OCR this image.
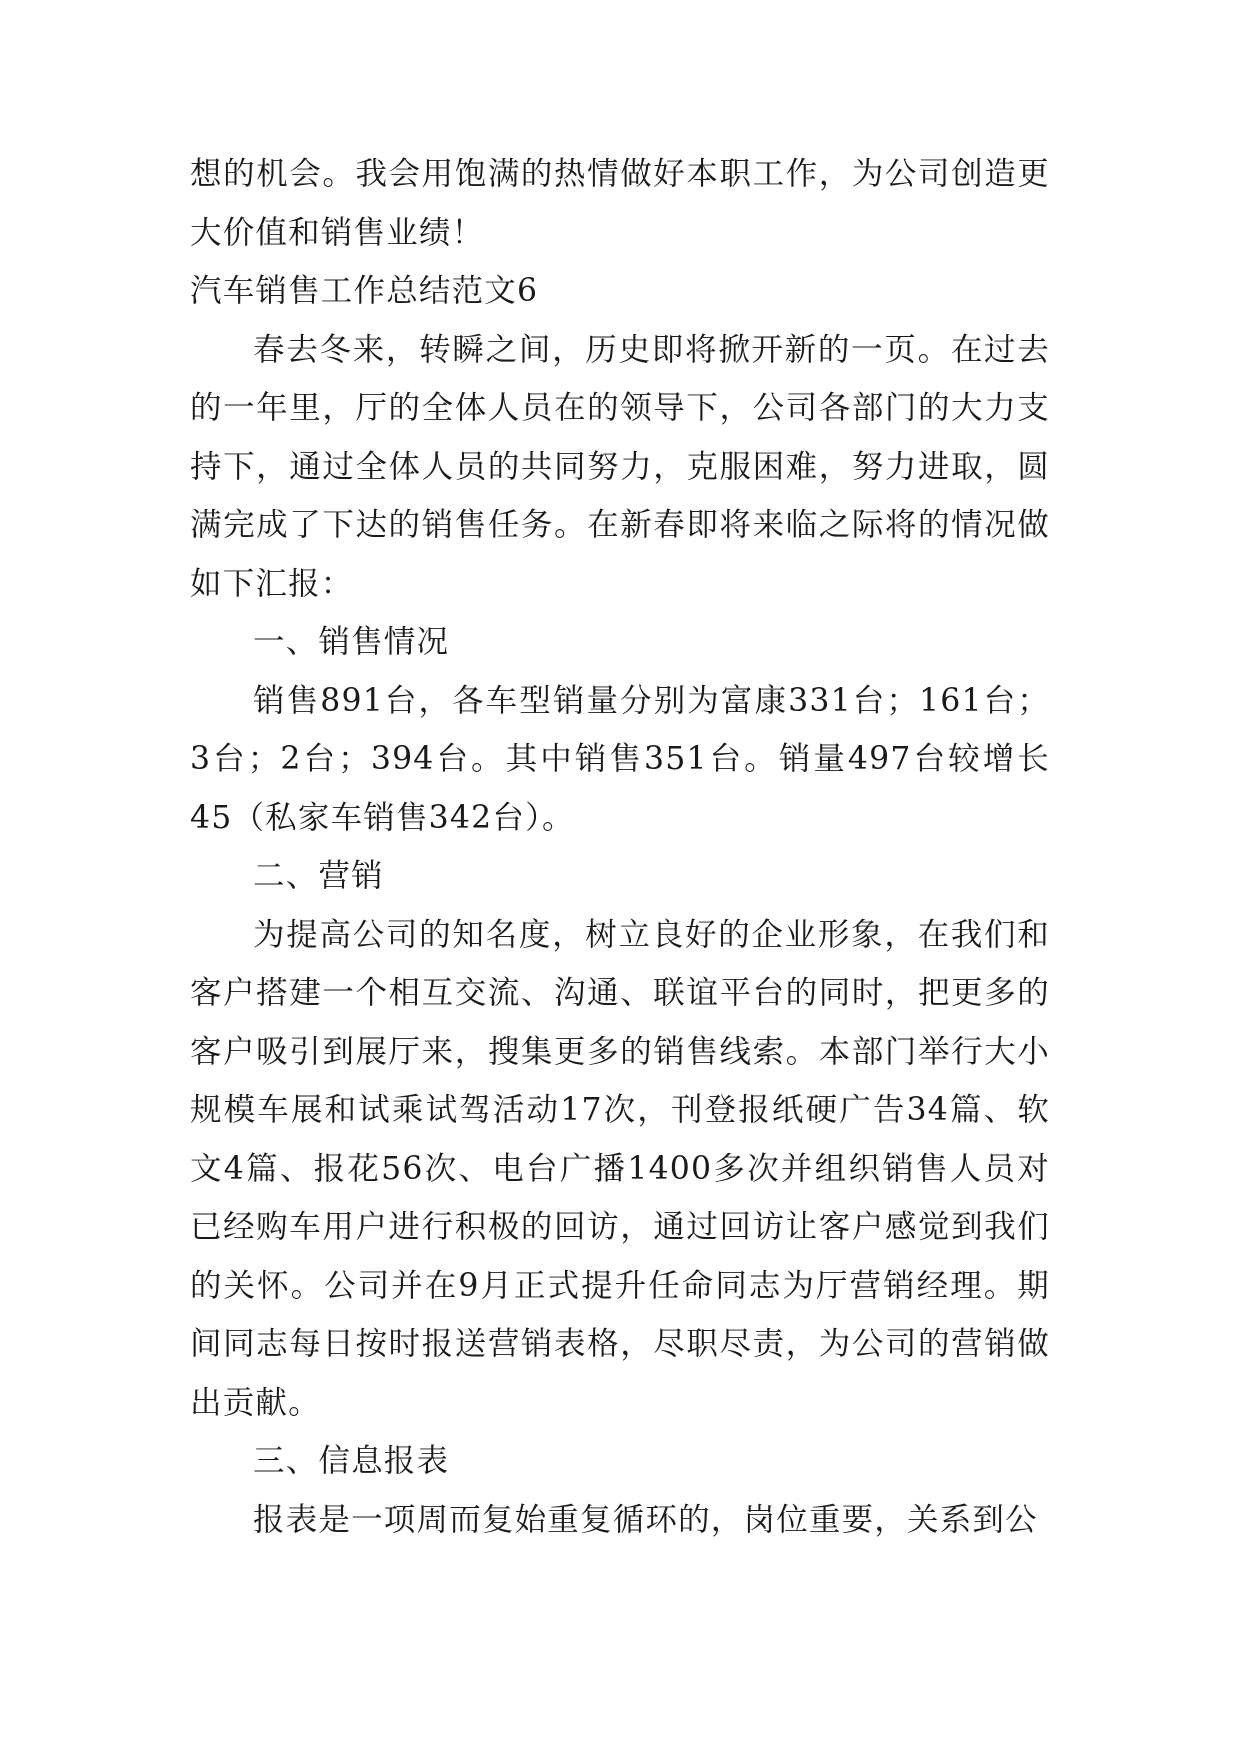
想的机会。我会用饱满的热情做好本职工作，为公司创造更大价值和销售业绩！

汽车销售工作总结范文6

春去冬来，转瞬之间，历史即将掀开新的一页。在过去的一年里，厅的全体人员在的领导下，公司各部门的大力支持下，通过全体人员的共同努力，克服困难，努力进取，圆满完成了下达的销售任务。在新春即将来临之际将的情况做如下汇报：

一、销售情况

销售891台，各车型销量分别为富康331台；161台；3台；2台；394台。其中销售351台。销量497台较增长45（私家车销售342台）。

二、营销

为提高公司的知名度，树立良好的企业形象，在我们和客户搭建一个相互交流、沟通、联谊平台的同时，把更多的客户吸引到展厅来，搜集更多的销售线索。本部门举行大小规模车展和试乘试驾活动17次，刊登报纸硬广告34篇、软文4篇、报花56次、电台广播1400多次并组织销售人员对已经购车用户进行积极的回访，通过回访让客户感觉到我们的关怀。公司并在9月正式提升任命同志为厅营销经理。期间同志每日按时报送营销表格，尽职尽责，为公司的营销做出贡献。

三、信息报表

报表是一项周而复始重复循环的，岗位重要，关系到公
